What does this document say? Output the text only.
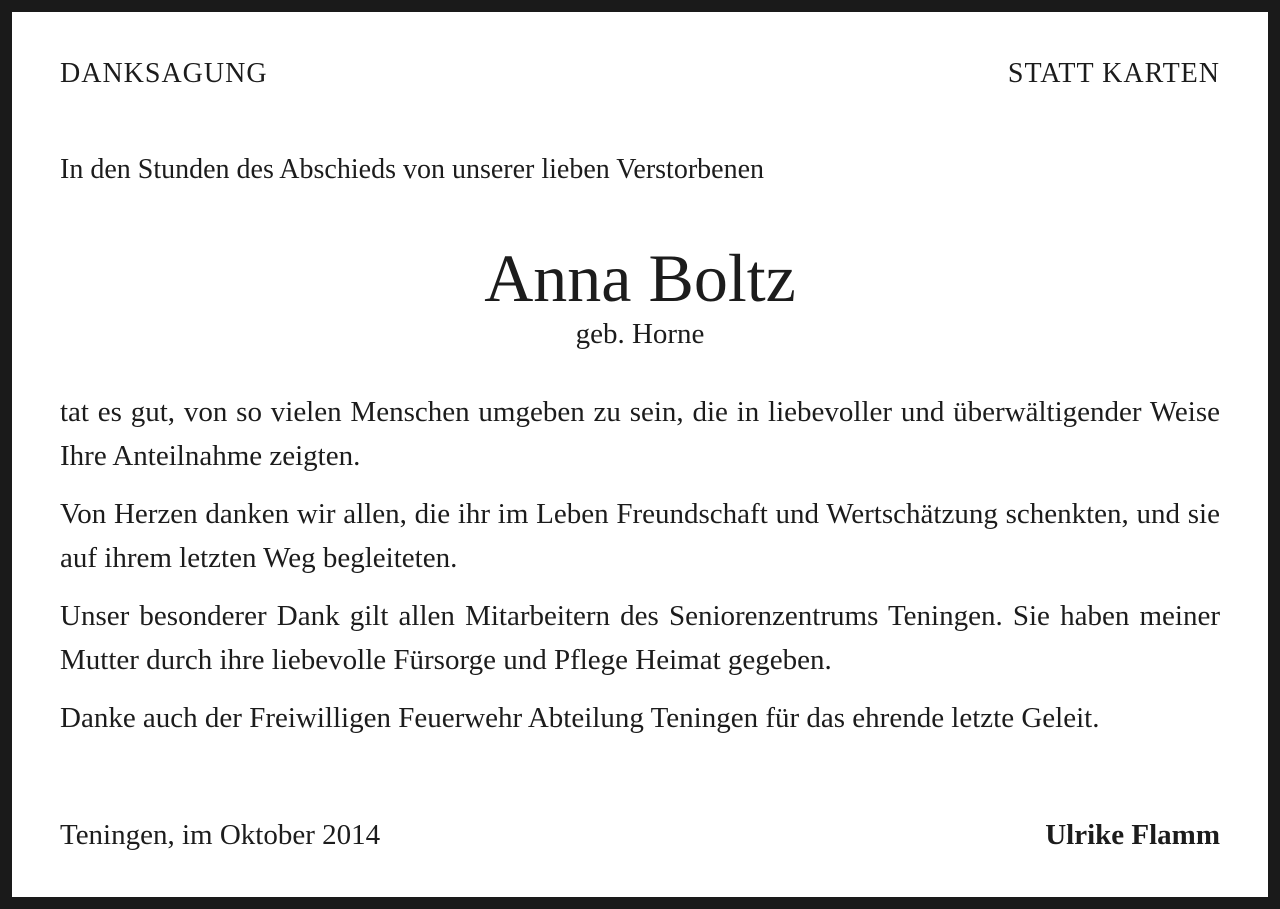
DANKSAGUNG	STATT KARTEN
In den Stunden des Abschieds von unserer lieben Verstorbenen
Anna Boltz
geb. Horne

tat es gut, von so vielen Menschen umgeben zu sein, die in liebevoller und überwältigender Weise Ihre Anteilnahme zeigten.

Von Herzen danken wir allen, die ihr im Leben Freundschaft und Wertschätzung schenkten, und sie auf ihrem letzten Weg begleiteten.

Unser besonderer Dank gilt allen Mitarbeitern des Seniorenzentrums Teningen. Sie haben meiner Mutter durch ihre liebevolle Fürsorge und Pflege Heimat gegeben.

Danke auch der Freiwilligen Feuerwehr Abteilung Teningen für das ehrende letzte Geleit.

Teningen, im Oktober 2014	Ulrike Flamm
